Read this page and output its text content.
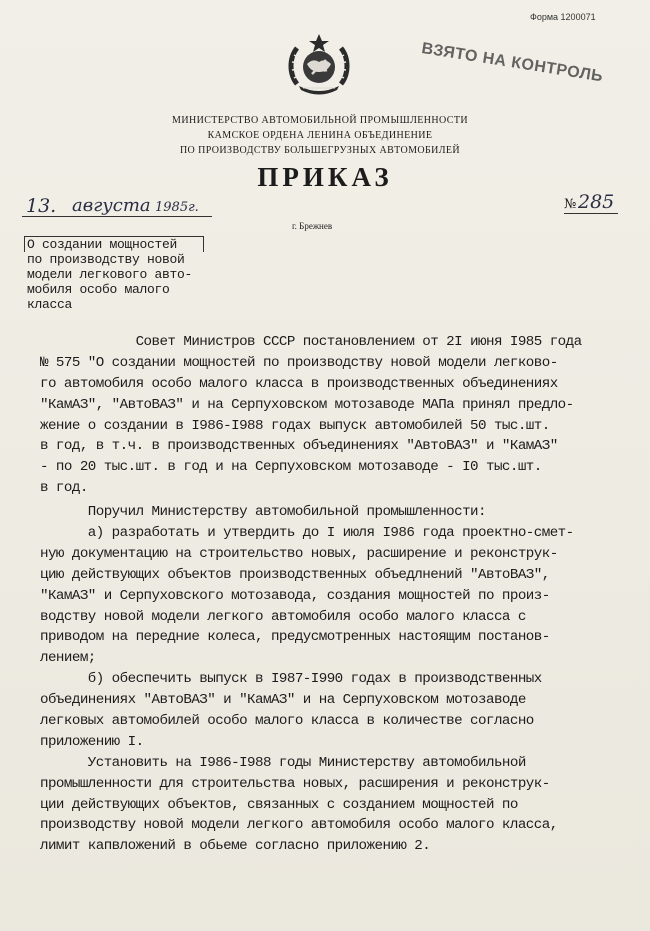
Форма 1200071
ВЗЯТО НА КОНТРОЛЬ
МИНИСТЕРСТВО АВТОМОБИЛЬНОЙ ПРОМЫШЛЕННОСТИ
КАМСКОЕ ОРДЕНА ЛЕНИНА ОБЪЕДИНЕНИЕ
ПО ПРОИЗВОДСТВУ БОЛЬШЕГРУЗНЫХ АВТОМОБИЛЕЙ
ПРИКАЗ
13. августа 1985г.
г. Брежнев
№ 285
О создании мощностей
по производству новой
модели легкового авто-
мобиля особо малого
класса
Совет Министров СССР постановлением от 2I июня I985 года
№ 575 "О создании мощностей по производству новой модели легково-
го автомобиля особо малого класса в производственных объединениях
"КамАЗ", "АвтоВАЗ" и на Серпуховском мотозаводе МАПа принял предло-
жение о создании в I986-I988 годах выпуск автомобилей 50 тыс.шт.
в год, в т.ч. в производственных объединениях "АвтоВАЗ" и "КамАЗ"
- по 20 тыс.шт. в год и на Серпуховском мотозаводе - I0 тыс.шт.
в год.
Поручил Министерству автомобильной промышленности:
а) разработать и утвердить до I июля I986 года проектно-смет-
ную документацию на строительство новых, расширение и реконструк-
цию действующих объектов производственных объедлнений "АвтоВАЗ",
"КамАЗ" и Серпуховского мотозавода, создания мощностей по произ-
водству новой модели легкого автомобиля особо малого класса с
приводом на передние колеса, предусмотренных настоящим постанов-
лением;
б) обеспечить выпуск в I987-I990 годах в производственных
объединениях "АвтоВАЗ" и "КамАЗ" и на Серпуховском мотозаводе
легковых автомобилей особо малого класса в количестве согласно
приложению I.
Установить на I986-I988 годы Министерству автомобильной
промышленности для строительства новых, расширения и реконструк-
ции действующих объектов, связанных с созданием мощностей по
производству новой модели легкого автомобиля особо малого класса,
лимит капвложений в обьеме согласно приложению 2.
